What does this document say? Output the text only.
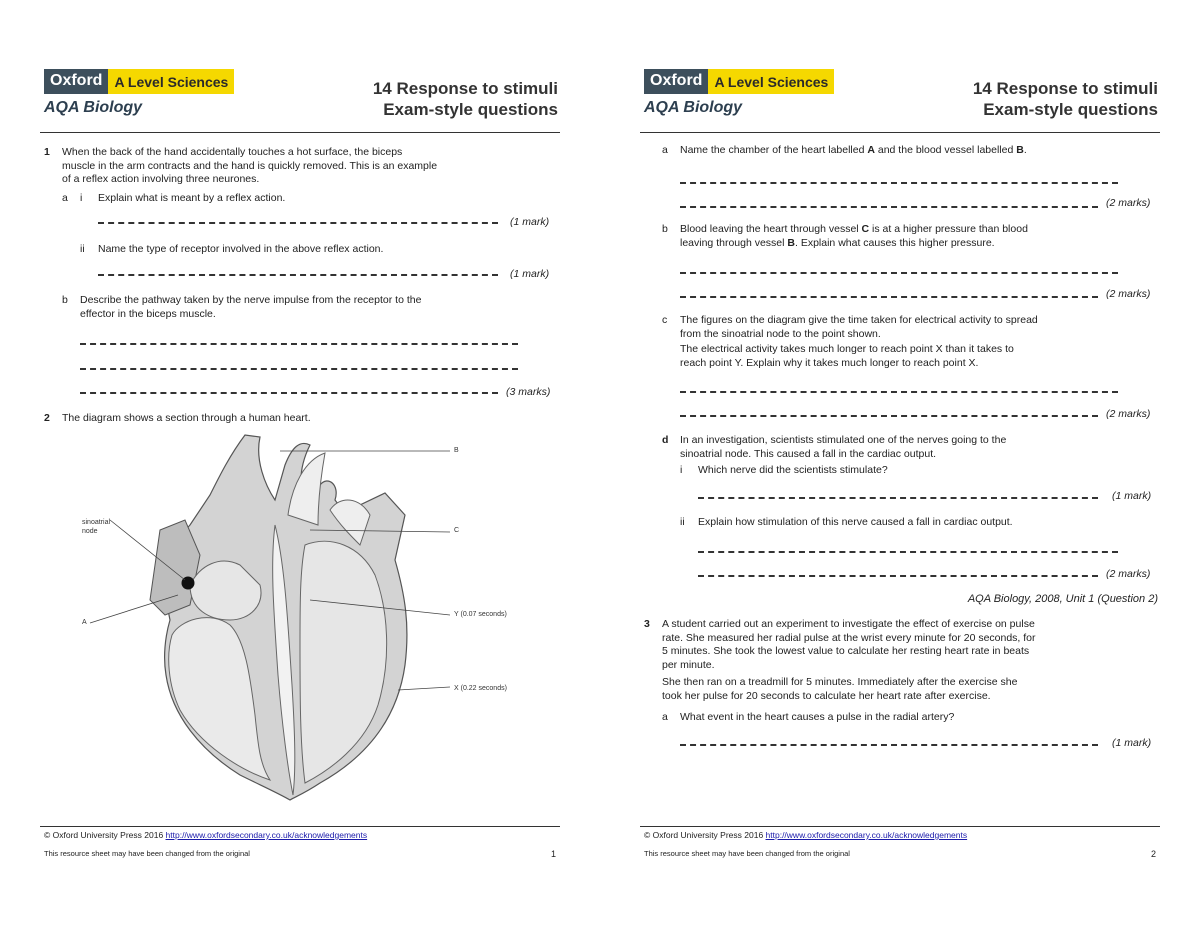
Oxford A Level Sciences
AQA Biology
14 Response to stimuli
Exam-style questions
1 When the back of the hand accidentally touches a hot surface, the biceps
muscle in the arm contracts and the hand is quickly removed. This is an example
of a reflex action involving three neurones.
a i Explain what is meant by a reflex action.
(1 mark)
ii Name the type of receptor involved in the above reflex action.
(1 mark)
b Describe the pathway taken by the nerve impulse from the receptor to the
effector in the biceps muscle.
(3 marks)
2 The diagram shows a section through a human heart.
B
C
sinoatrial
node
A
Y (0.07 seconds)
X (0.22 seconds)
© Oxford University Press 2016 http://www.oxfordsecondary.co.uk/acknowledgements
This resource sheet may have been changed from the original	1
Oxford A Level Sciences
AQA Biology
14 Response to stimuli
Exam-style questions
a Name the chamber of the heart labelled A and the blood vessel labelled B.
(2 marks)
b Blood leaving the heart through vessel C is at a higher pressure than blood
leaving through vessel B. Explain what causes this higher pressure.
(2 marks)
c The figures on the diagram give the time taken for electrical activity to spread
from the sinoatrial node to the point shown.
The electrical activity takes much longer to reach point X than it takes to
reach point Y. Explain why it takes much longer to reach point X.
(2 marks)
d In an investigation, scientists stimulated one of the nerves going to the
sinoatrial node. This caused a fall in the cardiac output.
i Which nerve did the scientists stimulate?
(1 mark)
ii Explain how stimulation of this nerve caused a fall in cardiac output.
(2 marks)
AQA Biology, 2008, Unit 1 (Question 2)
3 A student carried out an experiment to investigate the effect of exercise on pulse
rate. She measured her radial pulse at the wrist every minute for 20 seconds, for
5 minutes. She took the lowest value to calculate her resting heart rate in beats
per minute.
She then ran on a treadmill for 5 minutes. Immediately after the exercise she
took her pulse for 20 seconds to calculate her heart rate after exercise.
a What event in the heart causes a pulse in the radial artery?
(1 mark)
© Oxford University Press 2016 http://www.oxfordsecondary.co.uk/acknowledgements
This resource sheet may have been changed from the original	2
